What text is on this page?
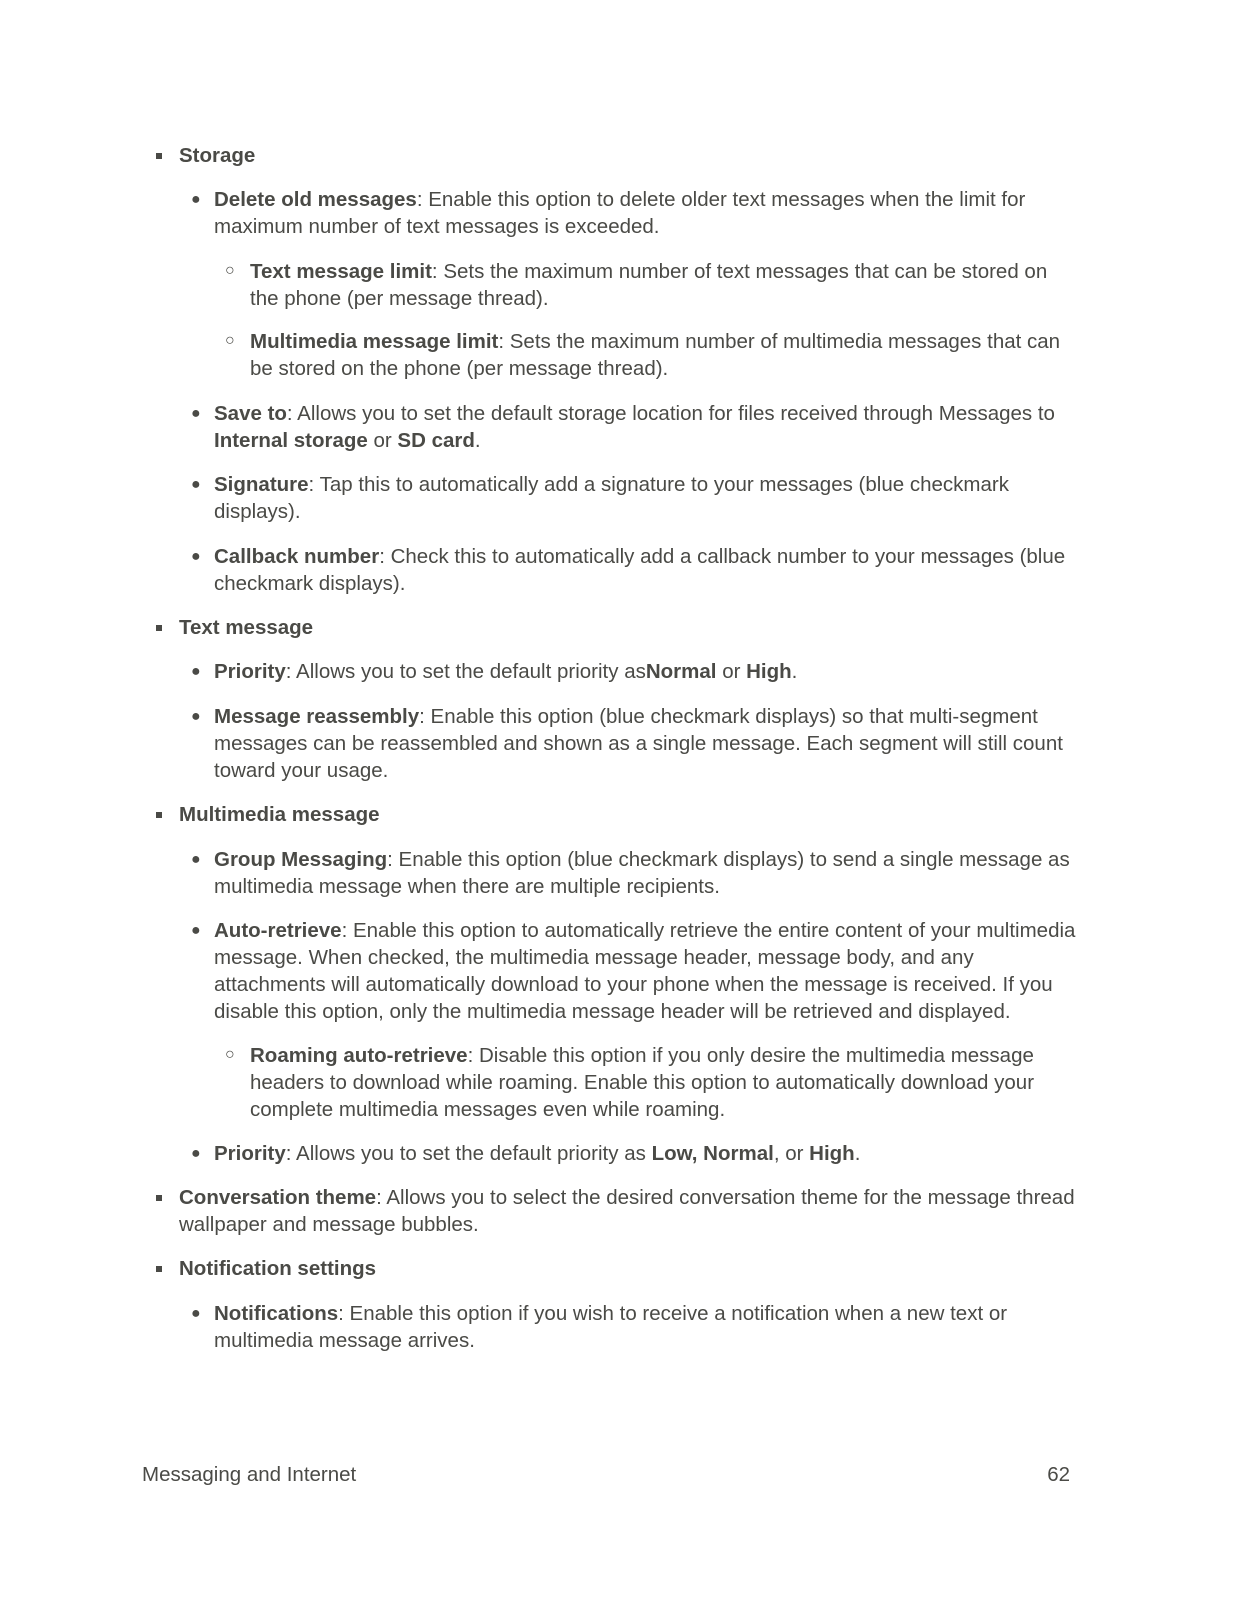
Storage
● Delete old messages: Enable this option to delete older text messages when the limit for maximum number of text messages is exceeded.
○ Text message limit: Sets the maximum number of text messages that can be stored on the phone (per message thread).
○ Multimedia message limit: Sets the maximum number of multimedia messages that can be stored on the phone (per message thread).
● Save to: Allows you to set the default storage location for files received through Messages to Internal storage or SD card.
● Signature: Tap this to automatically add a signature to your messages (blue checkmark displays).
● Callback number: Check this to automatically add a callback number to your messages (blue checkmark displays).
Text message
● Priority: Allows you to set the default priority asNormal or High.
● Message reassembly: Enable this option (blue checkmark displays) so that multi-segment messages can be reassembled and shown as a single message. Each segment will still count toward your usage.
Multimedia message
● Group Messaging: Enable this option (blue checkmark displays) to send a single message as multimedia message when there are multiple recipients.
● Auto-retrieve: Enable this option to automatically retrieve the entire content of your multimedia message. When checked, the multimedia message header, message body, and any attachments will automatically download to your phone when the message is received. If you disable this option, only the multimedia message header will be retrieved and displayed.
○ Roaming auto-retrieve: Disable this option if you only desire the multimedia message headers to download while roaming. Enable this option to automatically download your complete multimedia messages even while roaming.
● Priority: Allows you to set the default priority as Low, Normal, or High.
Conversation theme: Allows you to select the desired conversation theme for the message thread wallpaper and message bubbles.
Notification settings
● Notifications: Enable this option if you wish to receive a notification when a new text or multimedia message arrives.
Messaging and Internet	62
